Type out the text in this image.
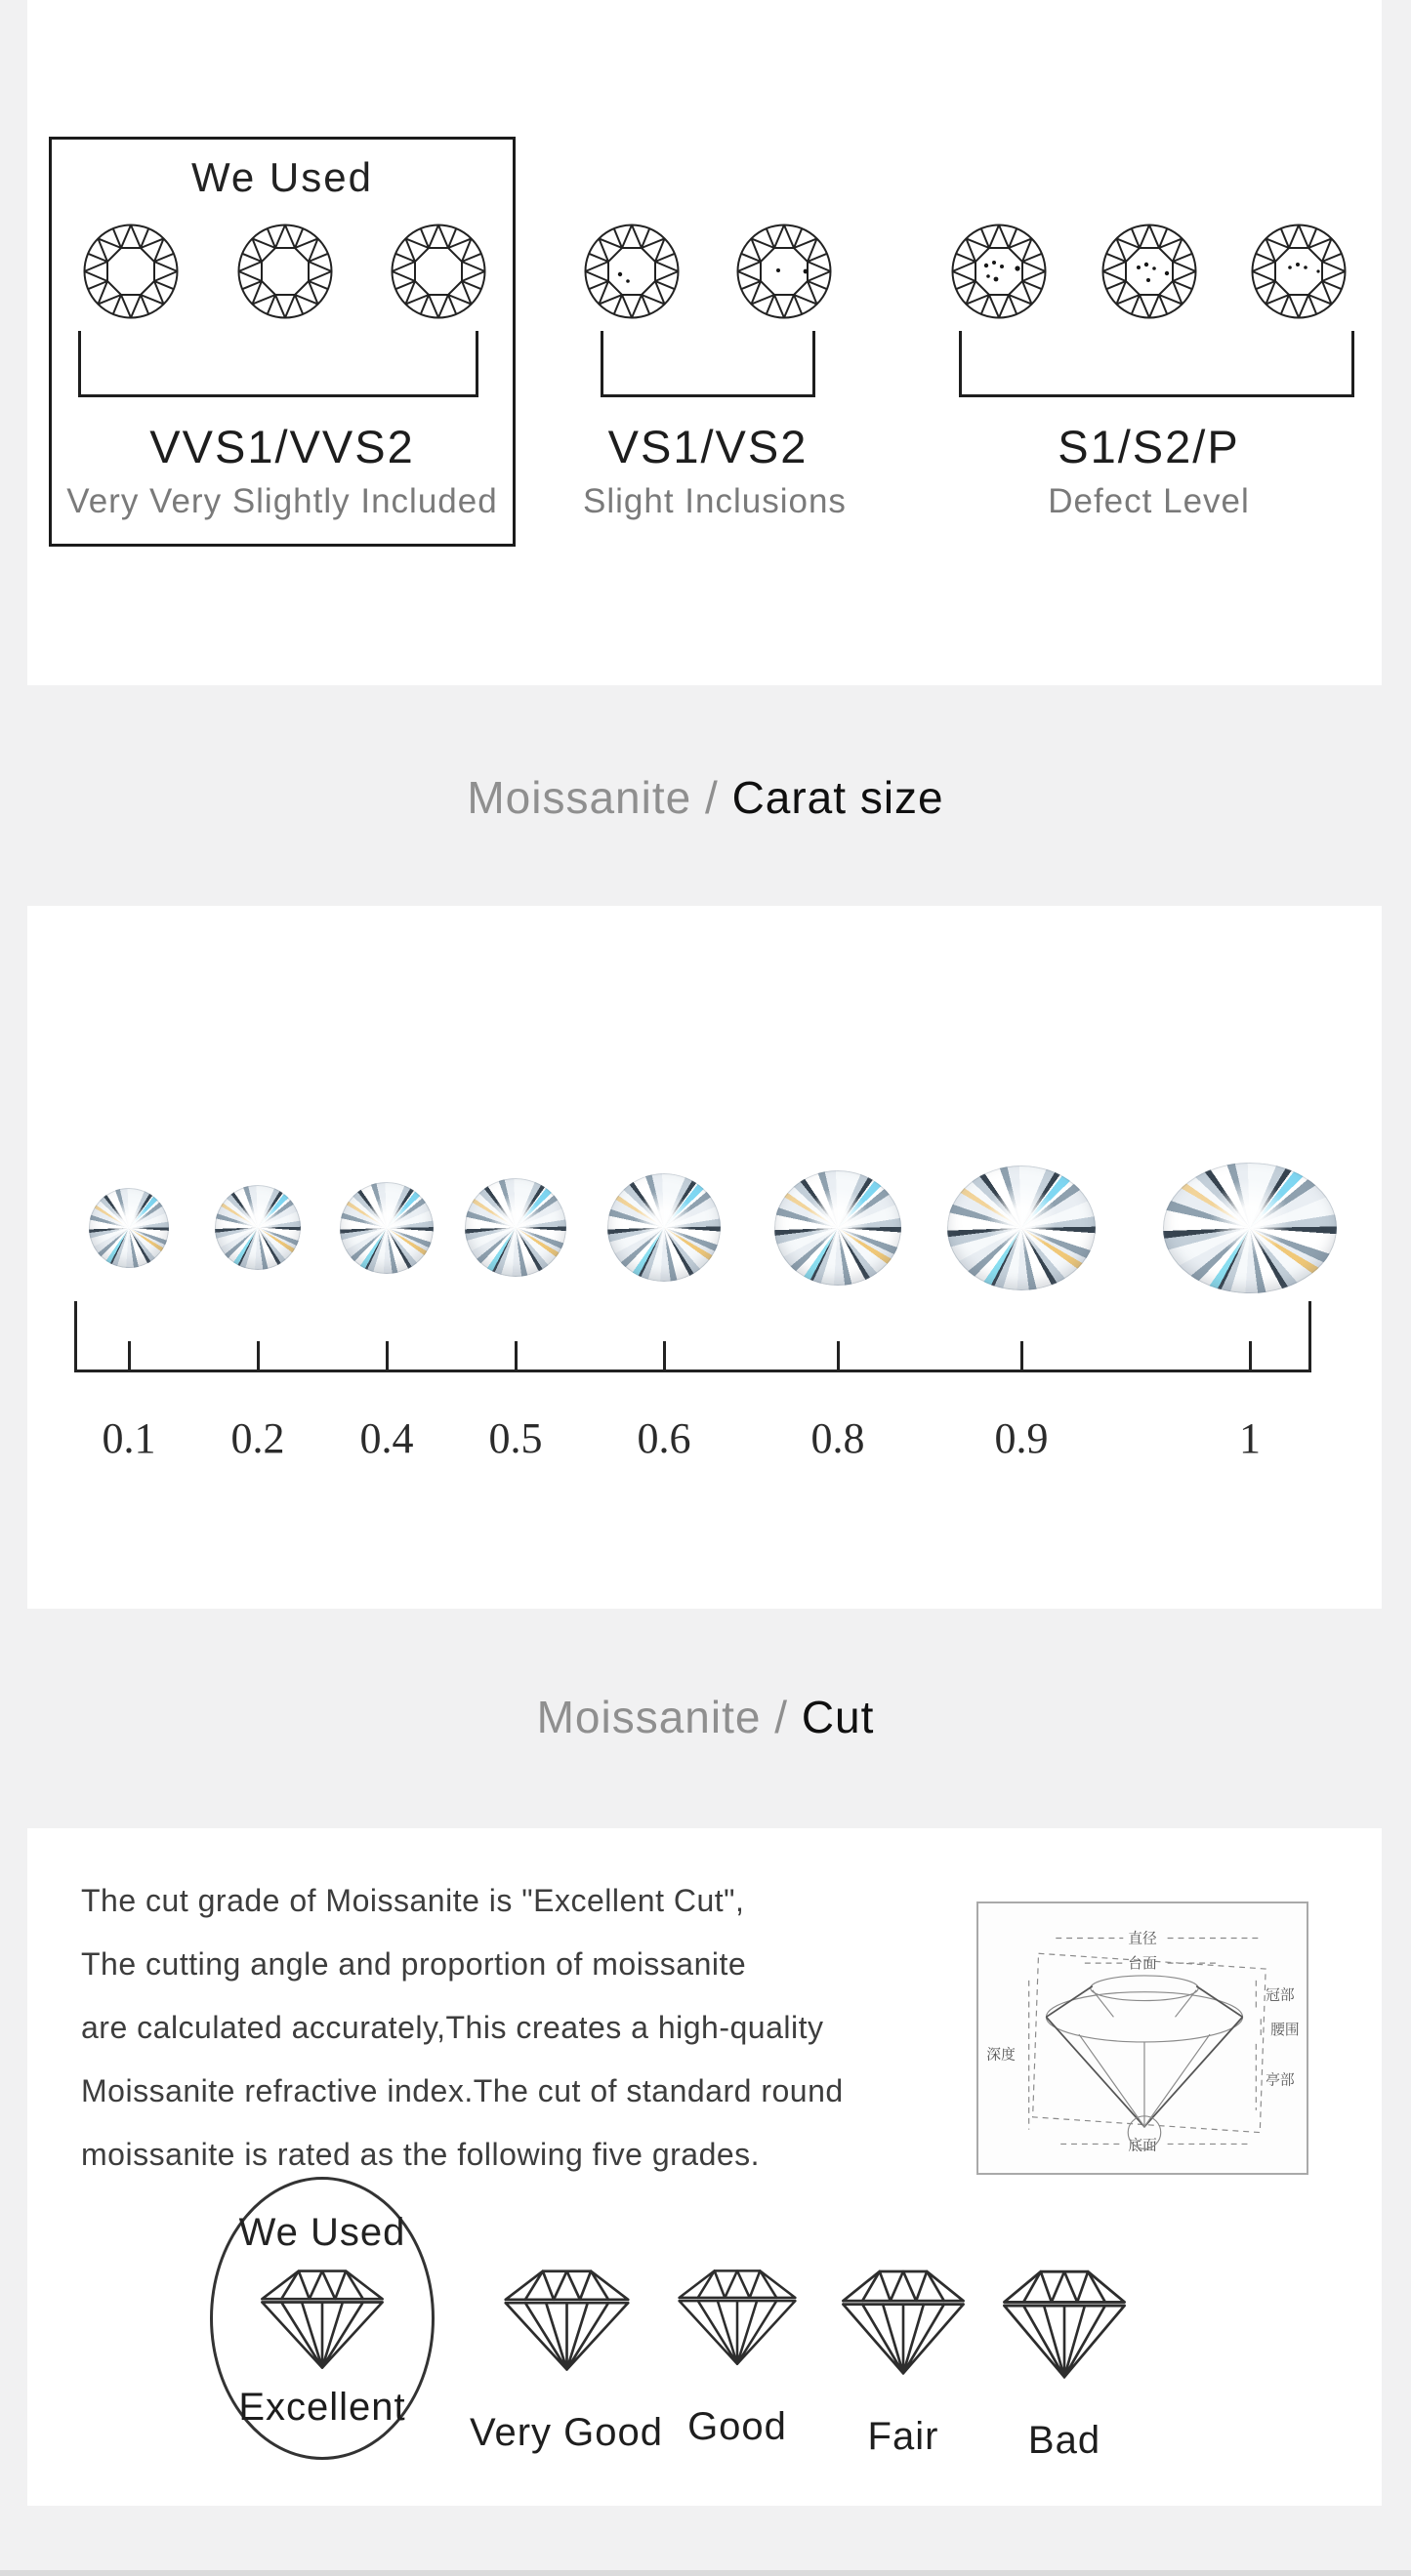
We Used
VVS1/VVS2
Very Very Slightly Included
VS1/VS2
Slight Inclusions
S1/S2/P
Defect Level
Moissanite / Carat size
0.1	0.2	0.4	0.5	0.6	0.8	0.9	1
Moissanite / Cut
The cut grade of Moissanite is "Excellent Cut",
The cutting angle and proportion of moissanite
are calculated accurately,This creates a high-quality
Moissanite refractive index.The cut of standard round
moissanite is rated as the following five grades.
直径
台面
深度
冠部
腰围
亭部
底面
We Used
Excellent
Very Good Good Fair Bad
